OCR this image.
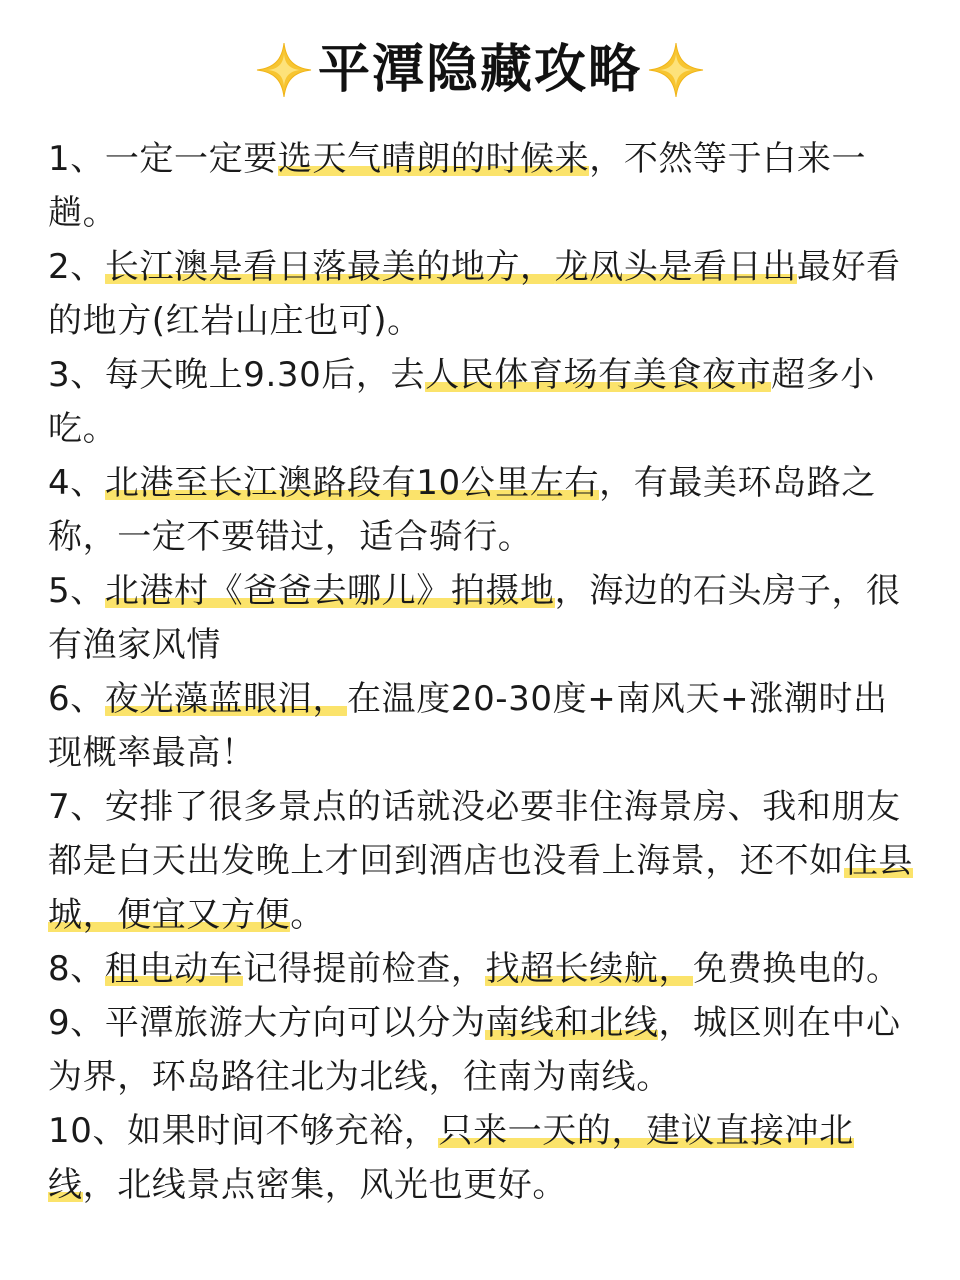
平潭隐藏攻略
1、一定一定要选天气晴朗的时候来，不然等于白来一趟。
2、长江澳是看日落最美的地方，龙凤头是看日出最好看的地方(红岩山庄也可)。
3、每天晚上9.30后，去人民体育场有美食夜市超多小吃。
4、北港至长江澳路段有10公里左右，有最美环岛路之称，一定不要错过，适合骑行。
5、北港村《爸爸去哪儿》拍摄地，海边的石头房子，很有渔家风情
6、夜光藻蓝眼泪，在温度20-30度+南风天+涨潮时出现概率最高！
7、安排了很多景点的话就没必要非住海景房、我和朋友都是白天出发晚上才回到酒店也没看上海景，还不如住县城，便宜又方便。
8、租电动车记得提前检查，找超长续航，免费换电的。
9、平潭旅游大方向可以分为南线和北线，城区则在中心为界，环岛路往北为北线，往南为南线。
10、如果时间不够充裕，只来一天的，建议直接冲北线，北线景点密集，风光也更好。
